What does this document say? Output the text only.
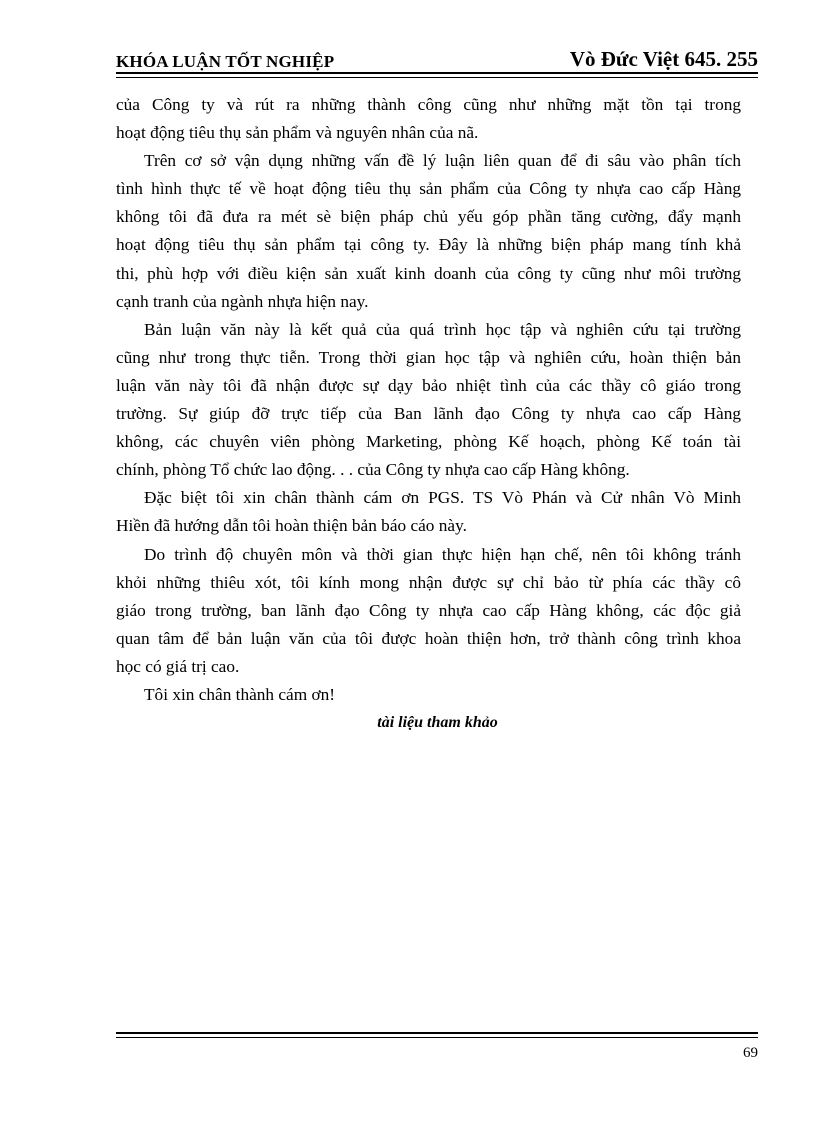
KHÓA LUẬN TỐT NGHIỆP	Vò Đức Việt 645. 255
của Công ty và rút ra những thành công cũng như những mặt tồn tại trong
hoạt động tiêu thụ sản phẩm và nguyên nhân của nã.
Trên cơ sở vận dụng những vấn đề lý luận liên quan để đi sâu vào phân tích
tình hình thực tế về hoạt động tiêu thụ sản phẩm của Công ty nhựa cao cấp Hàng
không tôi đã đưa ra mét sè biện pháp chủ yếu góp phần tăng cường, đẩy mạnh
hoạt động tiêu thụ sản phẩm tại công ty. Đây là những biện pháp mang tính khả
thi, phù hợp với điều kiện sản xuất kinh doanh của công ty cũng như môi trường
cạnh tranh của ngành nhựa hiện nay.
Bản luận văn này là kết quả của quá trình học tập và nghiên cứu tại trường
cũng như trong thực tiễn. Trong thời gian học tập và nghiên cứu, hoàn thiện bản
luận văn này tôi đã nhận được sự dạy bảo nhiệt tình của các thầy cô giáo trong
trường. Sự giúp đỡ trực tiếp của Ban lãnh đạo Công ty nhựa cao cấp Hàng
không, các chuyên viên phòng Marketing, phòng Kế hoạch, phòng Kế toán tài
chính, phòng Tổ chức lao động. . . của Công ty nhựa cao cấp Hàng không.
Đặc biệt tôi xin chân thành cám ơn PGS. TS Vò Phán và Cử nhân Vò Minh
Hiền đã hướng dẫn tôi hoàn thiện bản báo cáo này.
Do trình độ chuyên môn và thời gian thực hiện hạn chế, nên tôi không tránh
khỏi những thiêu xót, tôi kính mong nhận được sự chỉ bảo từ phía các thầy cô
giáo trong trường, ban lãnh đạo Công ty nhựa cao cấp Hàng không, các độc giả
quan tâm để bản luận văn của tôi được hoàn thiện hơn, trở thành công trình khoa
học có giá trị cao.
Tôi xin chân thành cám ơn!
tài liệu tham khảo
69
